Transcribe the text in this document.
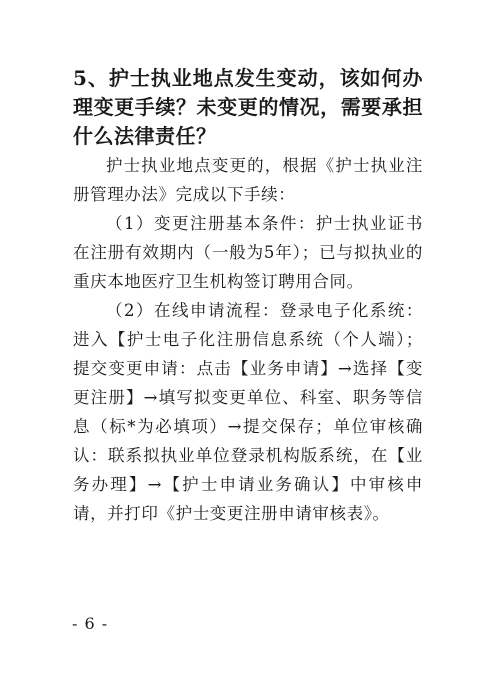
5、护士执业地点发生变动，该如何办理变更手续？未变更的情况，需要承担什么法律责任？

护士执业地点变更的，根据《护士执业注册管理办法》完成以下手续：

（1）变更注册基本条件：护士执业证书在注册有效期内（一般为5年）；已与拟执业的重庆本地医疗卫生机构签订聘用合同。

（2）在线申请流程：登录电子化系统：进入【护士电子化注册信息系统（个人端）；提交变更申请：点击【业务申请】→选择【变更注册】→填写拟变更单位、科室、职务等信息（标*为必填项）→提交保存；单位审核确认：联系拟执业单位登录机构版系统，在【业务办理】→【护士申请业务确认】中审核申请，并打印《护士变更注册申请审核表》。

- 6 -
